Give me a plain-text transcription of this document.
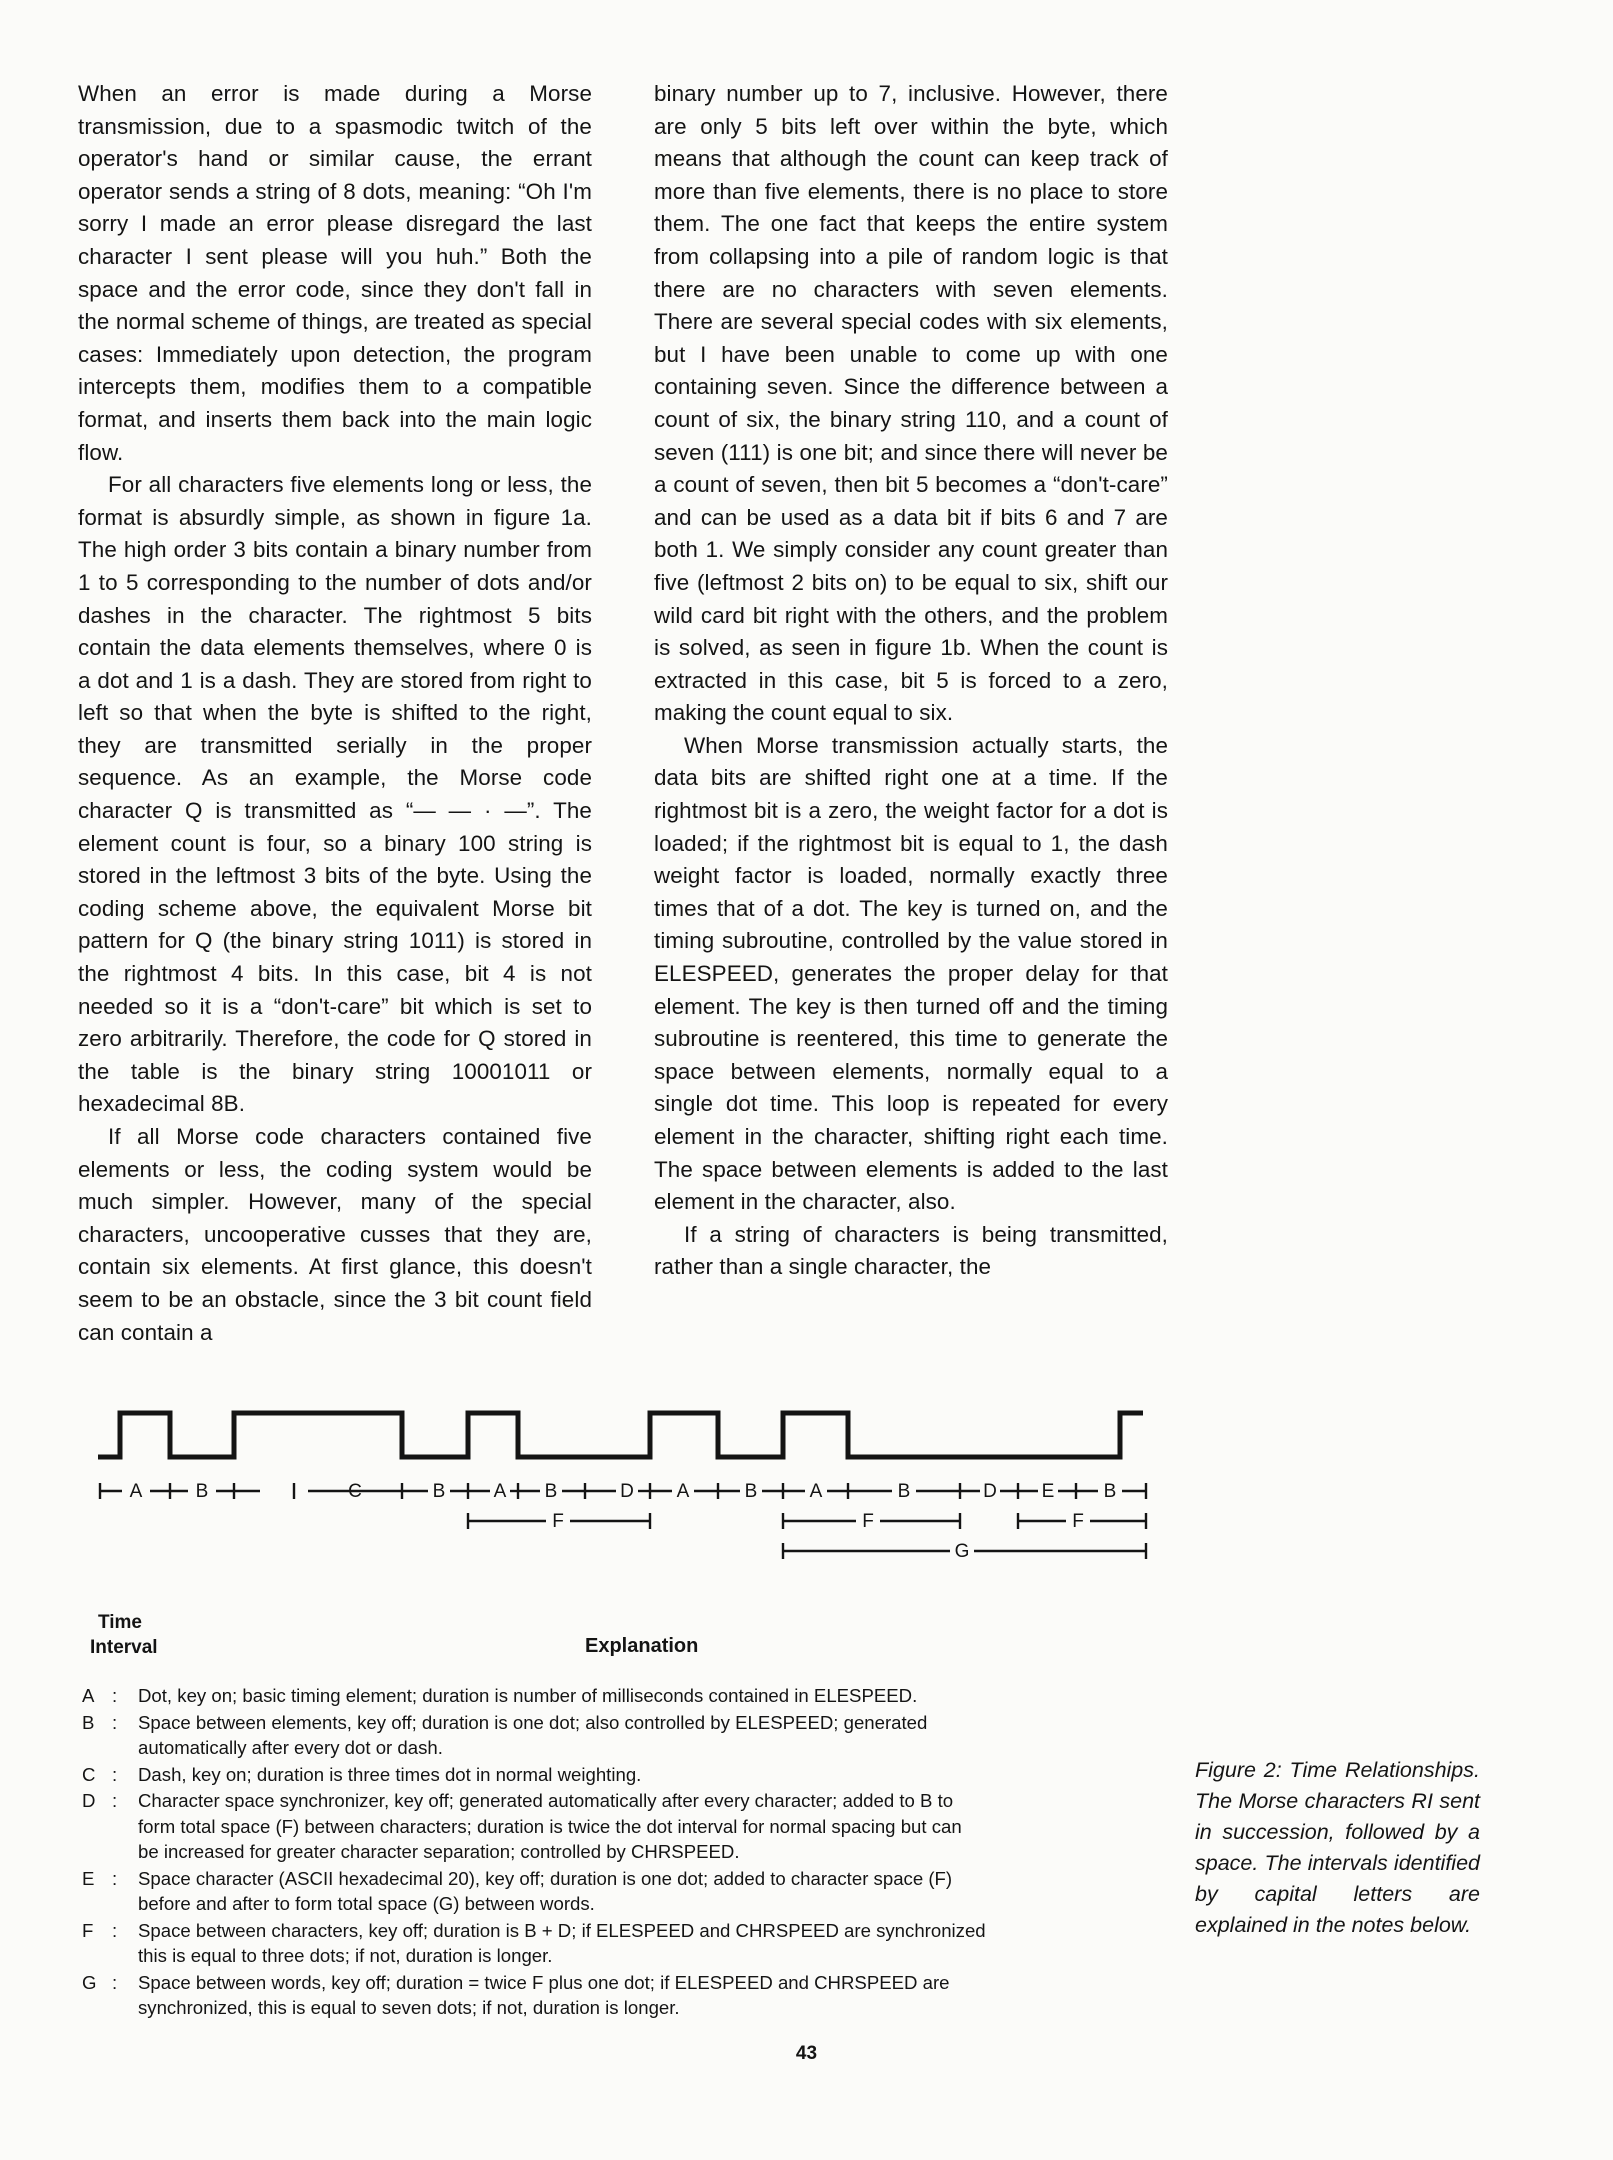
When an error is made during a Morse transmission, due to a spasmodic twitch of the operator's hand or similar cause, the errant operator sends a string of 8 dots, meaning: “Oh I'm sorry I made an error please disregard the last character I sent please will you huh.” Both the space and the error code, since they don't fall in the normal scheme of things, are treated as special cases: Immediately upon detection, the program intercepts them, modifies them to a compatible format, and inserts them back into the main logic flow.

For all characters five elements long or less, the format is absurdly simple, as shown in figure 1a. The high order 3 bits contain a binary number from 1 to 5 corresponding to the number of dots and/or dashes in the character. The rightmost 5 bits contain the data elements themselves, where 0 is a dot and 1 is a dash. They are stored from right to left so that when the byte is shifted to the right, they are transmitted serially in the proper sequence. As an example, the Morse code character Q is transmitted as “— — · —”. The element count is four, so a binary 100 string is stored in the leftmost 3 bits of the byte. Using the coding scheme above, the equivalent Morse bit pattern for Q (the binary string 1011) is stored in the rightmost 4 bits. In this case, bit 4 is not needed so it is a “don't-care” bit which is set to zero arbitrarily. Therefore, the code for Q stored in the table is the binary string 10001011 or hexadecimal 8B.

If all Morse code characters contained five elements or less, the coding system would be much simpler. However, many of the special characters, uncooperative cusses that they are, contain six elements. At first glance, this doesn't seem to be an obstacle, since the 3 bit count field can contain a

binary number up to 7, inclusive. However, there are only 5 bits left over within the byte, which means that although the count can keep track of more than five elements, there is no place to store them. The one fact that keeps the entire system from collapsing into a pile of random logic is that there are no characters with seven elements. There are several special codes with six elements, but I have been unable to come up with one containing seven. Since the difference between a count of six, the binary string 110, and a count of seven (111) is one bit; and since there will never be a count of seven, then bit 5 becomes a “don't-care” and can be used as a data bit if bits 6 and 7 are both 1. We simply consider any count greater than five (leftmost 2 bits on) to be equal to six, shift our wild card bit right with the others, and the problem is solved, as seen in figure 1b. When the count is extracted in this case, bit 5 is forced to a zero, making the count equal to six.

When Morse transmission actually starts, the data bits are shifted right one at a time. If the rightmost bit is a zero, the weight factor for a dot is loaded; if the rightmost bit is equal to 1, the dash weight factor is loaded, normally exactly three times that of a dot. The key is turned on, and the timing subroutine, controlled by the value stored in ELESPEED, generates the proper delay for that element. The key is then turned off and the timing subroutine is reentered, this time to generate the space between elements, normally equal to a single dot time. This loop is repeated for every element in the character, shifting right each time. The space between elements is added to the last element in the character, also.

If a string of characters is being transmitted, rather than a single character, the

A	B	C	B	A B	D A	B	A	B	D E	B
F	F	F
G
Time
Interval	Explanation
A :	Dot, key on; basic timing element; duration is number of milliseconds contained in ELESPEED.
B :	Space between elements, key off; duration is one dot; also controlled by ELESPEED; generated
automatically after every dot or dash.
C :	Dash, key on; duration is three times dot in normal weighting.
D :	Character space synchronizer, key off; generated automatically after every character; added to B to
form total space (F) between characters; duration is twice the dot interval for normal spacing but can
be increased for greater character separation; controlled by CHRSPEED.
E :	Space character (ASCII hexadecimal 20), key off; duration is one dot; added to character space (F)
before and after to form total space (G) between words.
F	:	Space between characters, key off; duration is B + D; if ELESPEED and CHRSPEED are synchronized
this is equal to three dots; if not, duration is longer.
G :	Space between words, key off; duration = twice F plus one dot; if ELESPEED and CHRSPEED are
synchronized, this is equal to seven dots; if not, duration is longer.
Figure 2: Time Relationships. The Morse characters RI sent in succession, followed by a space. The intervals identified by capital letters are explained in the notes below.
43
